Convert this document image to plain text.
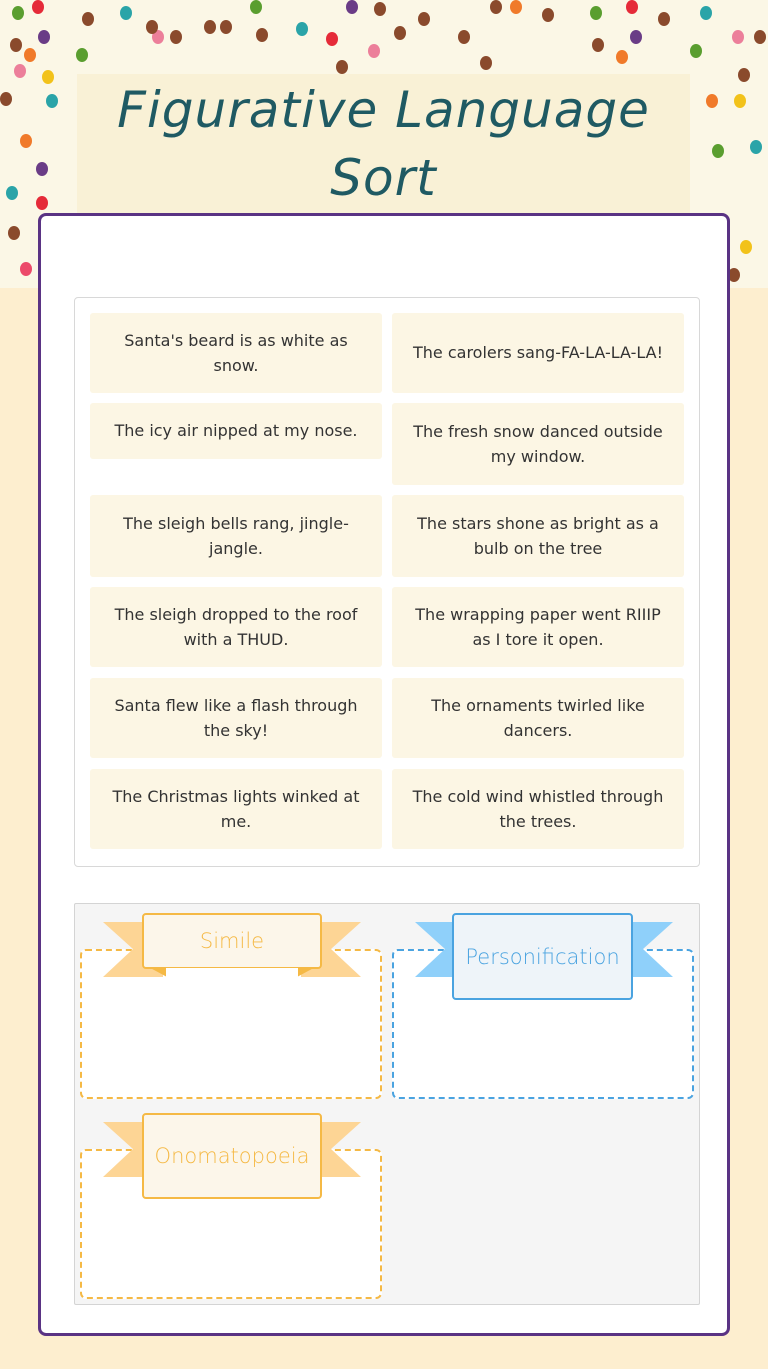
Figurative Language Sort
Santa's beard is as white as snow.
The carolers sang-FA-LA-LA-LA!
The icy air nipped at my nose.	The fresh snow danced outside my window.
The sleigh bells rang, jingle-jangle.
The stars shone as bright as a bulb on the tree
The sleigh dropped to the roof with a THUD.
The wrapping paper went RIIIP as I tore it open.
Santa flew like a flash through the sky!
The ornaments twirled like dancers.
The Christmas lights winked at me.
The cold wind whistled through the trees.
Simile
Personification
Onomatopoeia
